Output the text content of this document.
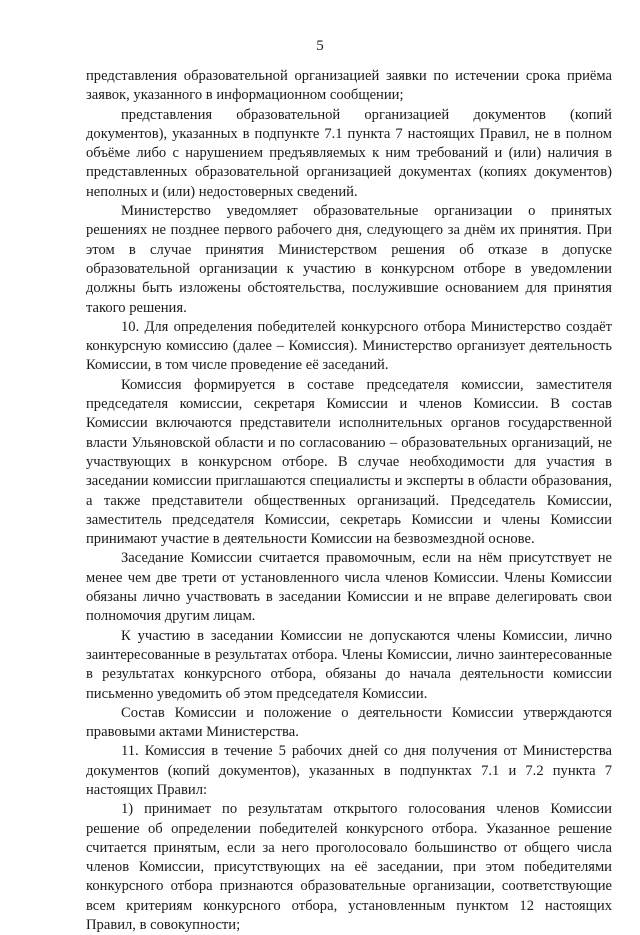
5

представления образовательной организацией заявки по истечении срока приёма заявок, указанного в информационном сообщении;

представления образовательной организацией документов (копий документов), указанных в подпункте 7.1 пункта 7 настоящих Правил, не в полном объёме либо с нарушением предъявляемых к ним требований и (или) наличия в представленных образовательной организацией документах (копиях документов) неполных и (или) недостоверных сведений.

Министерство уведомляет образовательные организации о принятых решениях не позднее первого рабочего дня, следующего за днём их принятия. При этом в случае принятия Министерством решения об отказе в допуске образовательной организации к участию в конкурсном отборе в уведомлении должны быть изложены обстоятельства, послужившие основанием для принятия такого решения.

10. Для определения победителей конкурсного отбора Министерство создаёт конкурсную комиссию (далее – Комиссия). Министерство организует деятельность Комиссии, в том числе проведение её заседаний.

Комиссия формируется в составе председателя комиссии, заместителя председателя комиссии, секретаря Комиссии и членов Комиссии. В состав Комиссии включаются представители исполнительных органов государственной власти Ульяновской области и по согласованию – образовательных организаций, не участвующих в конкурсном отборе. В случае необходимости для участия в заседании комиссии приглашаются специалисты и эксперты в области образования, а также представители общественных организаций. Председатель Комиссии, заместитель председателя Комиссии, секретарь Комиссии и члены Комиссии принимают участие в деятельности Комиссии на безвозмездной основе.

Заседание Комиссии считается правомочным, если на нём присутствует не менее чем две трети от установленного числа членов Комиссии. Члены Комиссии обязаны лично участвовать в заседании Комиссии и не вправе делегировать свои полномочия другим лицам.

К участию в заседании Комиссии не допускаются члены Комиссии, лично заинтересованные в результатах отбора. Члены Комиссии, лично заинтересованные в результатах конкурсного отбора, обязаны до начала деятельности комиссии письменно уведомить об этом председателя Комиссии.

Состав Комиссии и положение о деятельности Комиссии утверждаются правовыми актами Министерства.

11. Комиссия в течение 5 рабочих дней со дня получения от Министерства документов (копий документов), указанных в подпунктах 7.1 и 7.2 пункта 7 настоящих Правил:

1) принимает по результатам открытого голосования членов Комиссии решение об определении победителей конкурсного отбора. Указанное решение считается принятым, если за него проголосовало большинство от общего числа членов Комиссии, присутствующих на её заседании, при этом победителями конкурсного отбора признаются образовательные организации, соответствующие всем критериям конкурсного отбора, установленным пунктом 12 настоящих Правил, в совокупности;
